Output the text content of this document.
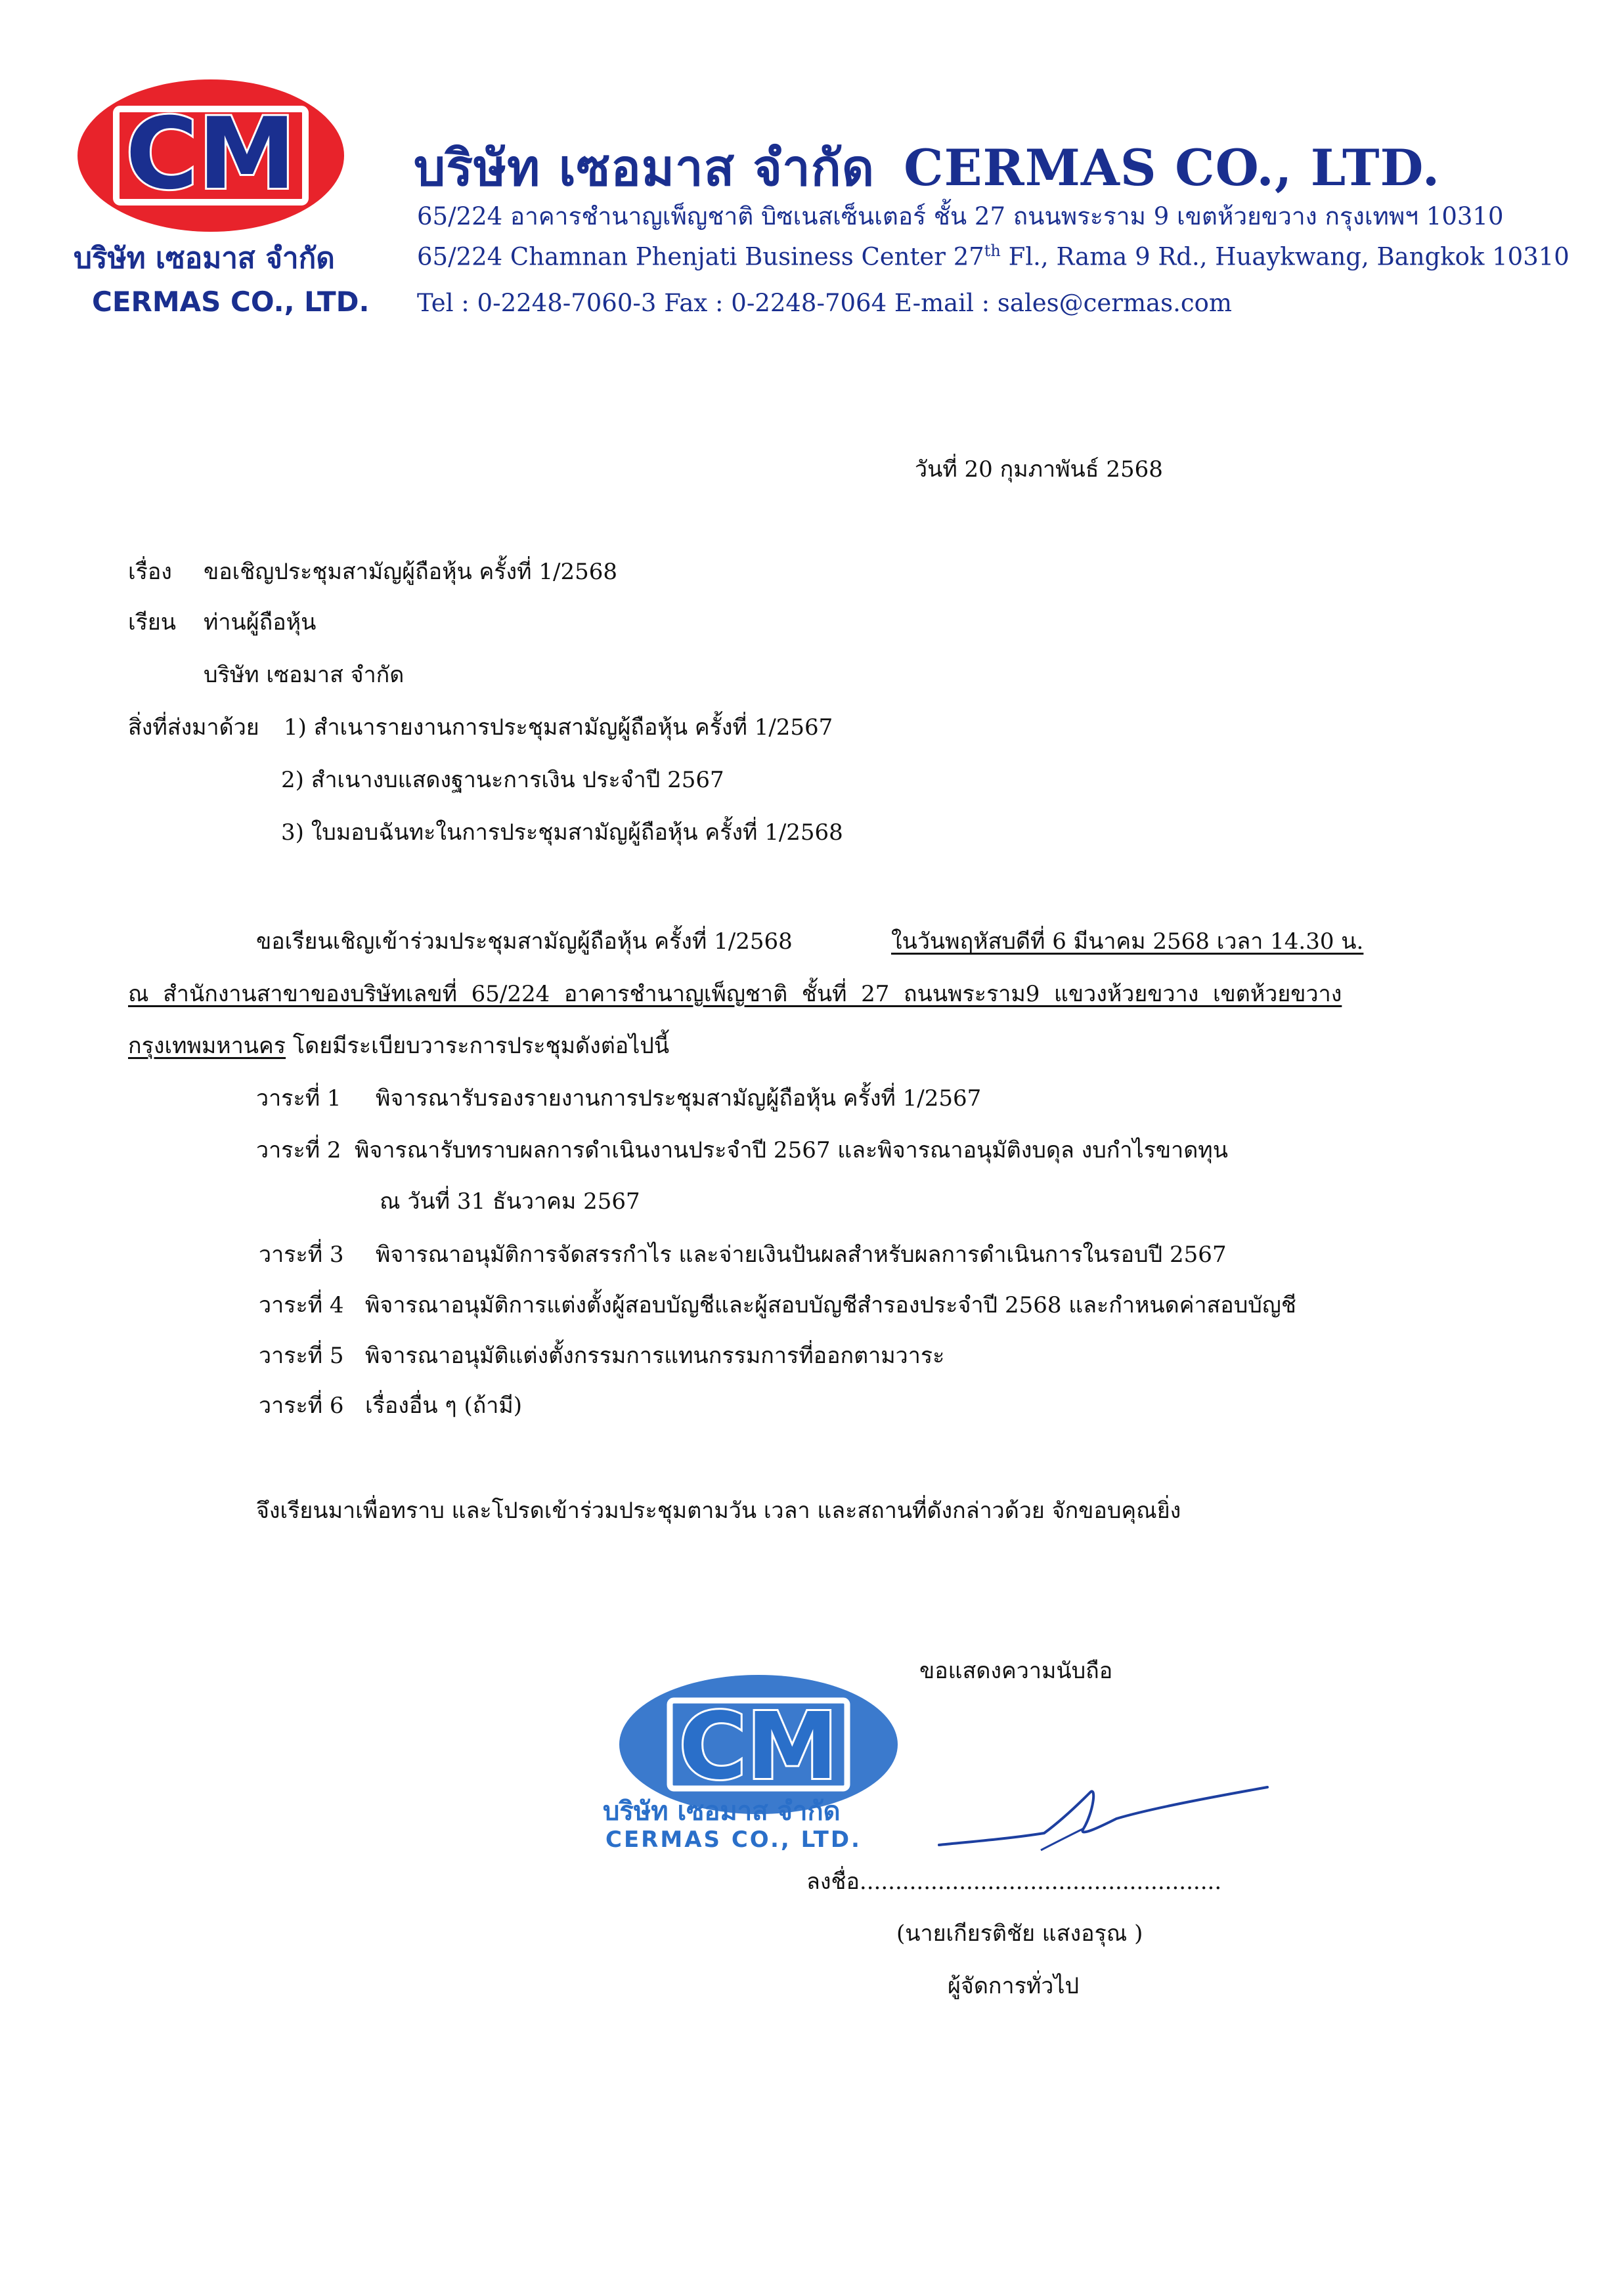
CM
บริษัท เซอมาส จำกัด
CERMAS CO., LTD.
บริษัท เซอมาส จำกัด CERMAS CO., LTD.
65/224 อาคารชำนาญเพ็ญชาติ บิซเนสเซ็นเตอร์ ชั้น 27 ถนนพระราม 9 เขตห้วยขวาง กรุงเทพฯ 10310
65/224 Chamnan Phenjati Business Center 27th Fl., Rama 9 Rd., Huaykwang, Bangkok 10310
Tel : 0-2248-7060-3 Fax : 0-2248-7064 E-mail : sales@cermas.com
วันที่ 20 กุมภาพันธ์ 2568
เรื่อง ขอเชิญประชุมสามัญผู้ถือหุ้น ครั้งที่ 1/2568
เรียน ท่านผู้ถือหุ้น
บริษัท เซอมาส จำกัด
สิ่งที่ส่งมาด้วย 1) สำเนารายงานการประชุมสามัญผู้ถือหุ้น ครั้งที่ 1/2567
2) สำเนางบแสดงฐานะการเงิน ประจำปี 2567
3) ใบมอบฉันทะในการประชุมสามัญผู้ถือหุ้น ครั้งที่ 1/2568
ขอเรียนเชิญเข้าร่วมประชุมสามัญผู้ถือหุ้น ครั้งที่ 1/2568	ในวันพฤหัสบดีที่ 6 มีนาคม 2568 เวลา 14.30 น.
ณ  สำนักงานสาขาของบริษัทเลขที่  65/224  อาคารชำนาญเพ็ญชาติ  ชั้นที่  27  ถนนพระราม9  แขวงห้วยขวาง  เขตห้วยขวาง
กรุงเทพมหานคร โดยมีระเบียบวาระการประชุมดังต่อไปนี้
วาระที่ 1 พิจารณารับรองรายงานการประชุมสามัญผู้ถือหุ้น ครั้งที่ 1/2567
วาระที่ 2 พิจารณารับทราบผลการดำเนินงานประจำปี 2567 และพิจารณาอนุมัติงบดุล งบกำไรขาดทุน
ณ วันที่ 31 ธันวาคม 2567
วาระที่ 3 พิจารณาอนุมัติการจัดสรรกำไร และจ่ายเงินปันผลสำหรับผลการดำเนินการในรอบปี 2567
วาระที่ 4 พิจารณาอนุมัติการแต่งตั้งผู้สอบบัญชีและผู้สอบบัญชีสำรองประจำปี 2568 และกำหนดค่าสอบบัญชี
วาระที่ 5 พิจารณาอนุมัติแต่งตั้งกรรมการแทนกรรมการที่ออกตามวาระ
วาระที่ 6 เรื่องอื่น ๆ (ถ้ามี)
จึงเรียนมาเพื่อทราบ และโปรดเข้าร่วมประชุมตามวัน เวลา และสถานที่ดังกล่าวด้วย จักขอบคุณยิ่ง
ขอแสดงความนับถือ
CM
บริษัท เซอมาส จำกัด
CERMAS CO., LTD.
ลงชื่อ...................................................
(นายเกียรติชัย แสงอรุณ )
ผู้จัดการทั่วไป
